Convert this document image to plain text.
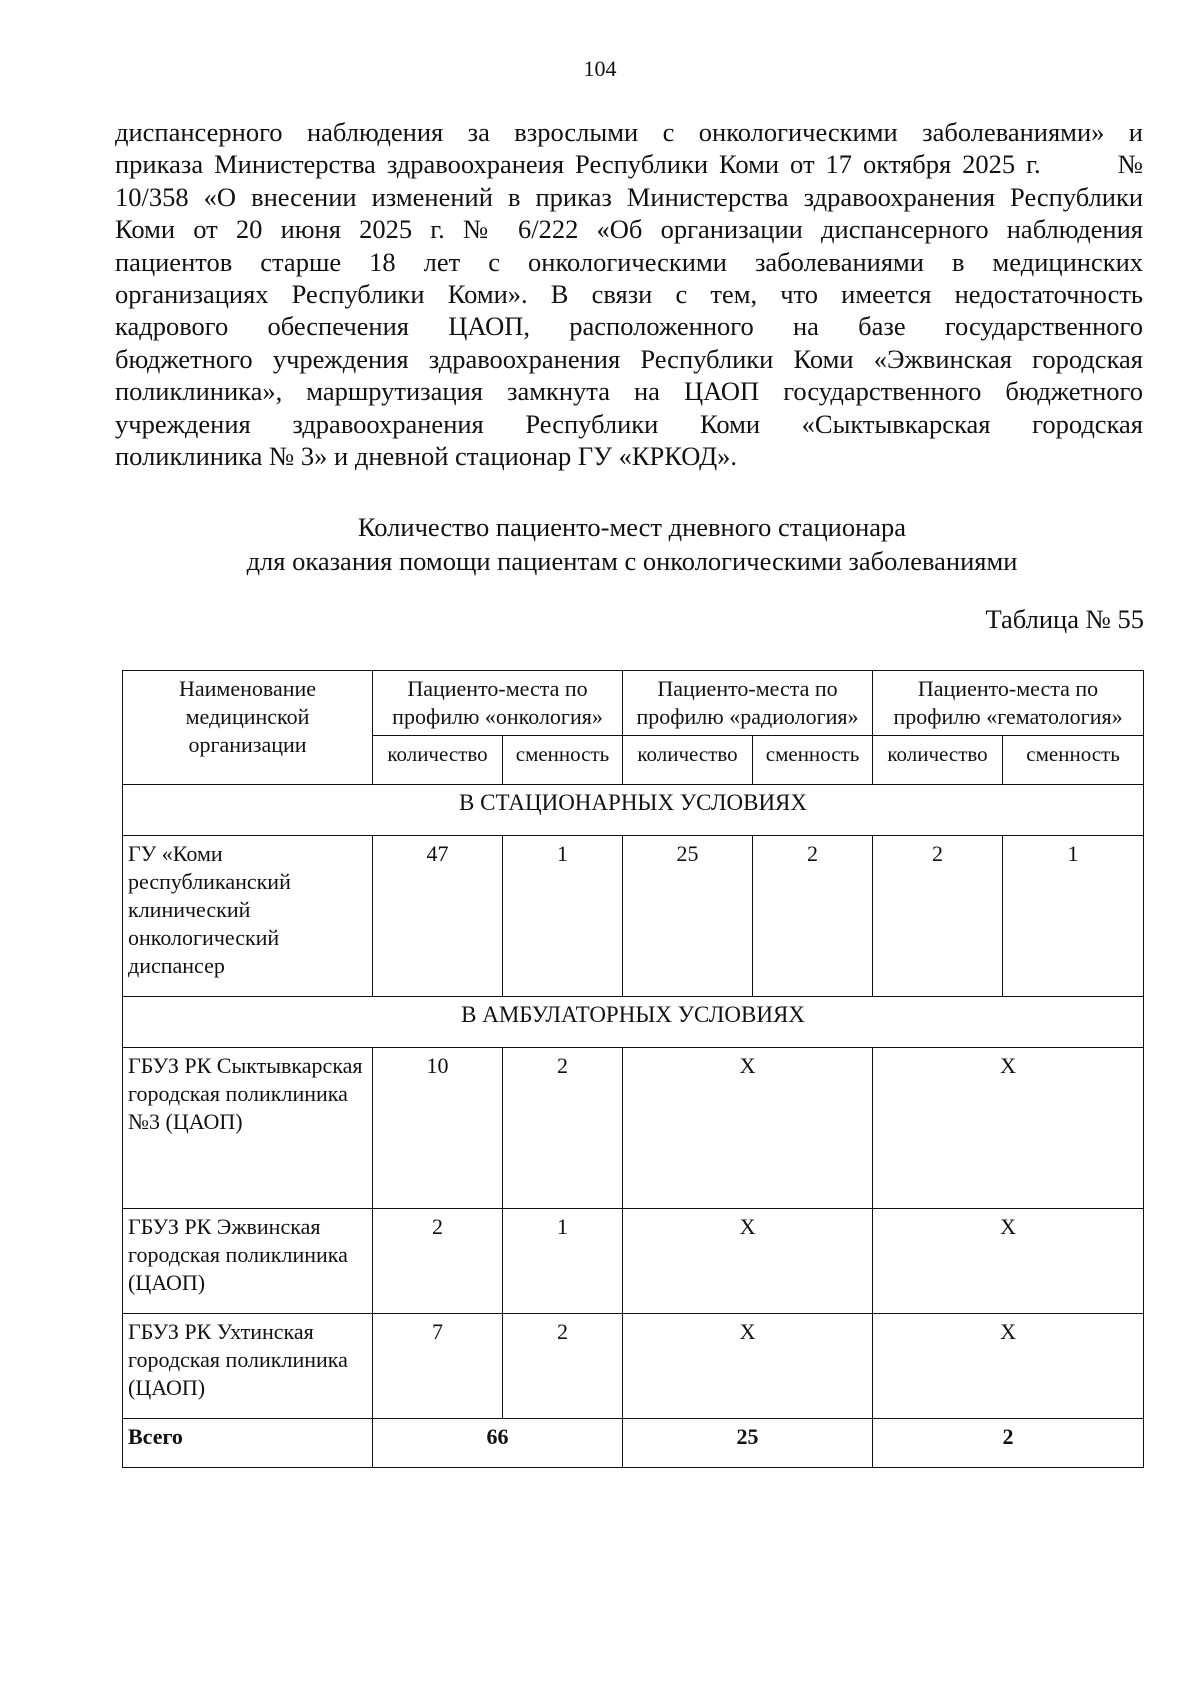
104

диспансерного наблюдения за взрослыми с онкологическими заболеваниями» и
приказа Министерства здравоохранеия Республики Коми от 17 октября 2025 г.       №
10/358 «О внесении изменений в приказ Министерства здравоохранения Республики
Коми от 20 июня 2025 г. № 6/222 «Об организации диспансерного наблюдения
пациентов старше 18 лет с онкологическими заболеваниями в медицинских
организациях Республики Коми». В связи с тем, что имеется недостаточность
кадрового обеспечения ЦАОП, расположенного на базе государственного
бюджетного учреждения здравоохранения Республики Коми «Эжвинская городская
поликлиника», маршрутизация замкнута на ЦАОП государственного бюджетного
учреждения здравоохранения Республики Коми «Сыктывкарская городская
поликлиника № 3» и дневной стационар ГУ «КРКОД».

Количество пациенто-мест дневного стационара
для оказания помощи пациентам с онкологическими заболеваниями
Таблица № 55
Наименование медицинской организации	Пациенто-места по профилю «онкология»		Пациенто-места по профилю «радиология»		Пациенто-места по профилю «гематология»	
	количество	сменность	количество	сменность	количество	сменность
В СТАЦИОНАРНЫХ УСЛОВИЯХ						
ГУ «Коми республиканский клинический онкологический диспансер	47	1	25	2	2	1
В АМБУЛАТОРНЫХ УСЛОВИЯХ						
ГБУЗ РК Сыктывкарская городская поликлиника №3 (ЦАОП)	10	2	Х		Х	
ГБУЗ РК Эжвинская городская поликлиника (ЦАОП)	2	1	Х		Х	
ГБУЗ РК Ухтинская городская поликлиника (ЦАОП)	7	2	Х		Х	
Всего	66		25		2	
